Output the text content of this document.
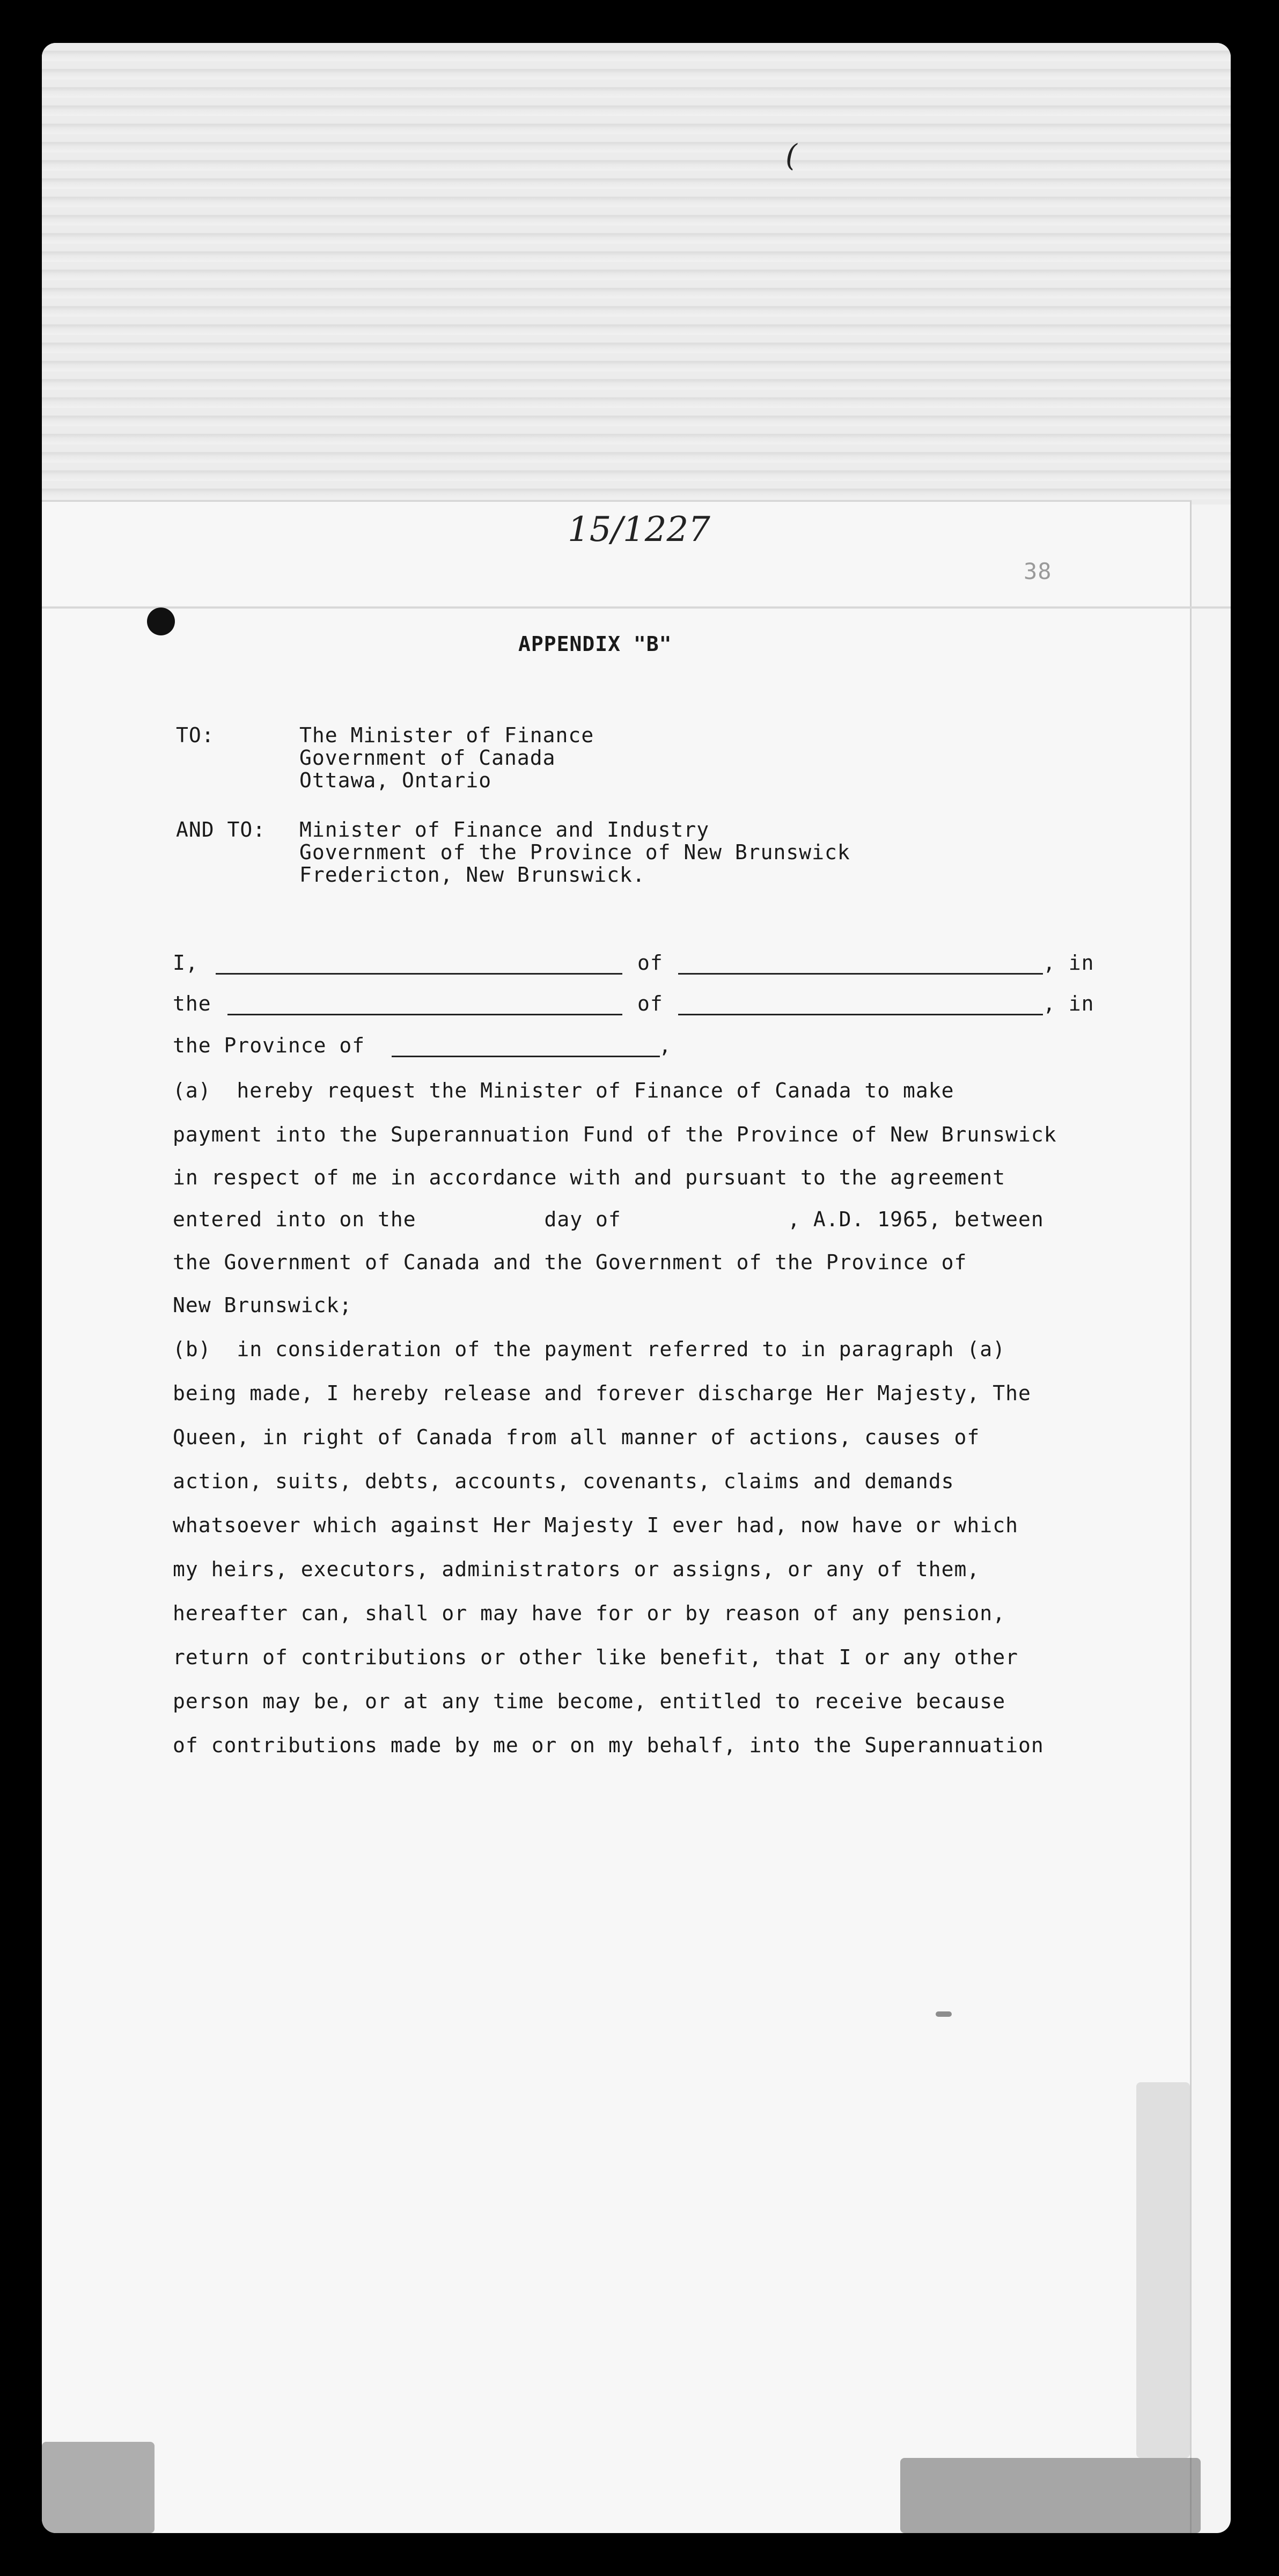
(
15/1227
38
APPENDIX "B"
TO:	The Minister of Finance
Government of Canada
Ottawa, Ontario
AND TO: Minister of Finance and Industry
Government of the Province of New Brunswick
Fredericton, New Brunswick.
I,	of	, in
the	of	, in
the Province of	,
(a)  hereby request the Minister of Finance of Canada to make
payment into the Superannuation Fund of the Province of New Brunswick
in respect of me in accordance with and pursuant to the agreement
entered into on the          day of             , A.D. 1965, between
the Government of Canada and the Government of the Province of
New Brunswick;
(b)  in consideration of the payment referred to in paragraph (a)
being made, I hereby release and forever discharge Her Majesty, The
Queen, in right of Canada from all manner of actions, causes of
action, suits, debts, accounts, covenants, claims and demands
whatsoever which against Her Majesty I ever had, now have or which
my heirs, executors, administrators or assigns, or any of them,
hereafter can, shall or may have for or by reason of any pension,
return of contributions or other like benefit, that I or any other
person may be, or at any time become, entitled to receive because
of contributions made by me or on my behalf, into the Superannuation
